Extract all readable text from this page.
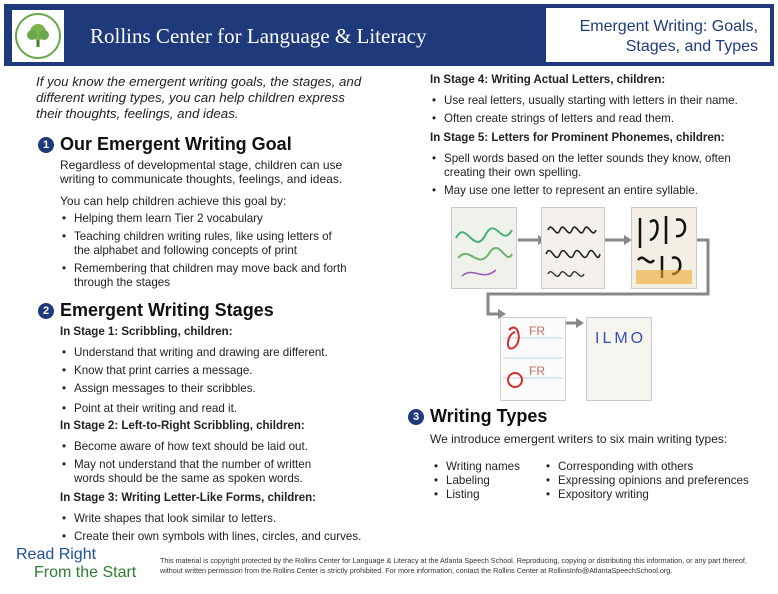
Rollins Center for Language & Literacy	Emergent Writing: Goals,
Stages, and Types
If you know the emergent writing goals, the stages, and different writing types, you can help children express their thoughts, feelings, and ideas.
1 Our Emergent Writing Goal
Regardless of developmental stage, children can use writing to communicate thoughts, feelings, and ideas.
You can help children achieve this goal by:
• Helping them learn Tier 2 vocabulary
• Teaching children writing rules, like using letters of the alphabet and following concepts of print
• Remembering that children may move back and forth through the stages
2 Emergent Writing Stages
In Stage 1: Scribbling, children:
• Understand that writing and drawing are different.
• Know that print carries a message.
• Assign messages to their scribbles.
• Point at their writing and read it.
In Stage 2: Left-to-Right Scribbling, children:
• Become aware of how text should be laid out.
• May not understand that the number of written words should be the same as spoken words.
In Stage 3: Writing Letter-Like Forms, children:
• Write shapes that look similar to letters.
• Create their own symbols with lines, circles, and curves.
In Stage 4: Writing Actual Letters, children:
• Use real letters, usually starting with letters in their name.
• Often create strings of letters and read them.
In Stage 5: Letters for Prominent Phonemes, children:
• Spell words based on the letter sounds they know, often creating their own spelling.
• May use one letter to represent an entire syllable.
FR
FR
ILMO
3 Writing Types
We introduce emergent writers to six main writing types:
• Writing names
• Labeling
• Listing
• Corresponding with others
• Expressing opinions and preferences
• Expository writing
Read Right
From the Start
This material is copyright protected by the Rollins Center for Language & Literacy at the Atlanta Speech School. Reproducing, copying or distributing this information, or any part thereof, without written permission from the Rollins Center is strictly prohibited. For more information, contact the Rollins Center at RollinsInfo@AtlantaSpeechSchool.org.
